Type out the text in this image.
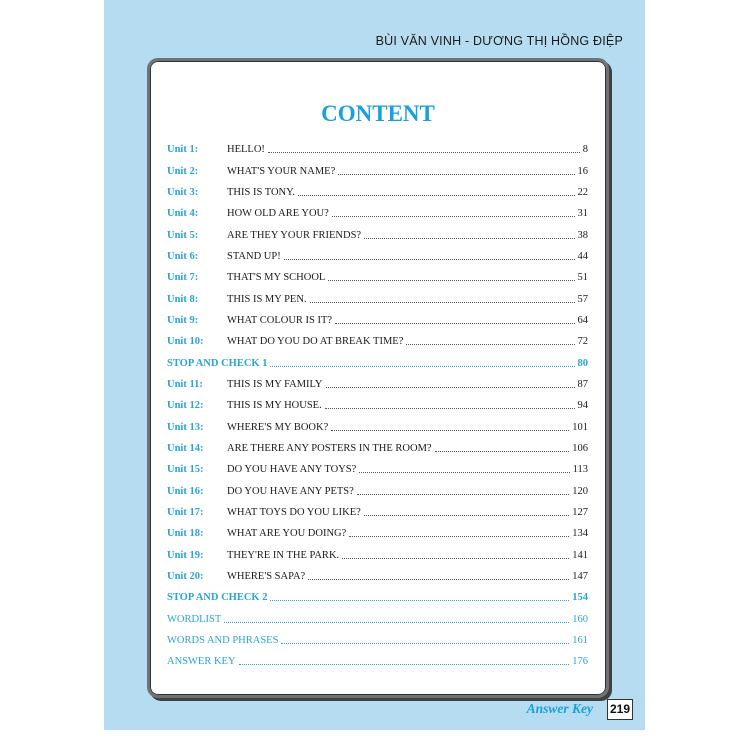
BÙI VĂN VINH - DƯƠNG THỊ HỒNG ĐIỆP
CONTENT
Unit 1:	HELLO!	8
Unit 2:	WHAT'S YOUR NAME?	16
Unit 3:	THIS IS TONY.	22
Unit 4:	HOW OLD ARE YOU?	31
Unit 5:	ARE THEY YOUR FRIENDS?	38
Unit 6:	STAND UP!	44
Unit 7:	THAT'S MY SCHOOL	51
Unit 8:	THIS IS MY PEN.	57
Unit 9:	WHAT COLOUR IS IT?	64
Unit 10:	WHAT DO YOU DO AT BREAK TIME?	72
STOP AND CHECK 1	80
Unit 11:	THIS IS MY FAMILY	87
Unit 12:	THIS IS MY HOUSE.	94
Unit 13:	WHERE'S MY BOOK?	101
Unit 14:	ARE THERE ANY POSTERS IN THE ROOM?	106
Unit 15:	DO YOU HAVE ANY TOYS?	113
Unit 16:	DO YOU HAVE ANY PETS?	120
Unit 17:	WHAT TOYS DO YOU LIKE?	127
Unit 18:	WHAT ARE YOU DOING?	134
Unit 19:	THEY'RE IN THE PARK.	141
Unit 20:	WHERE'S SAPA?	147
STOP AND CHECK 2	154
WORDLIST	160
WORDS AND PHRASES	161
ANSWER KEY	176
Answer Key 219
